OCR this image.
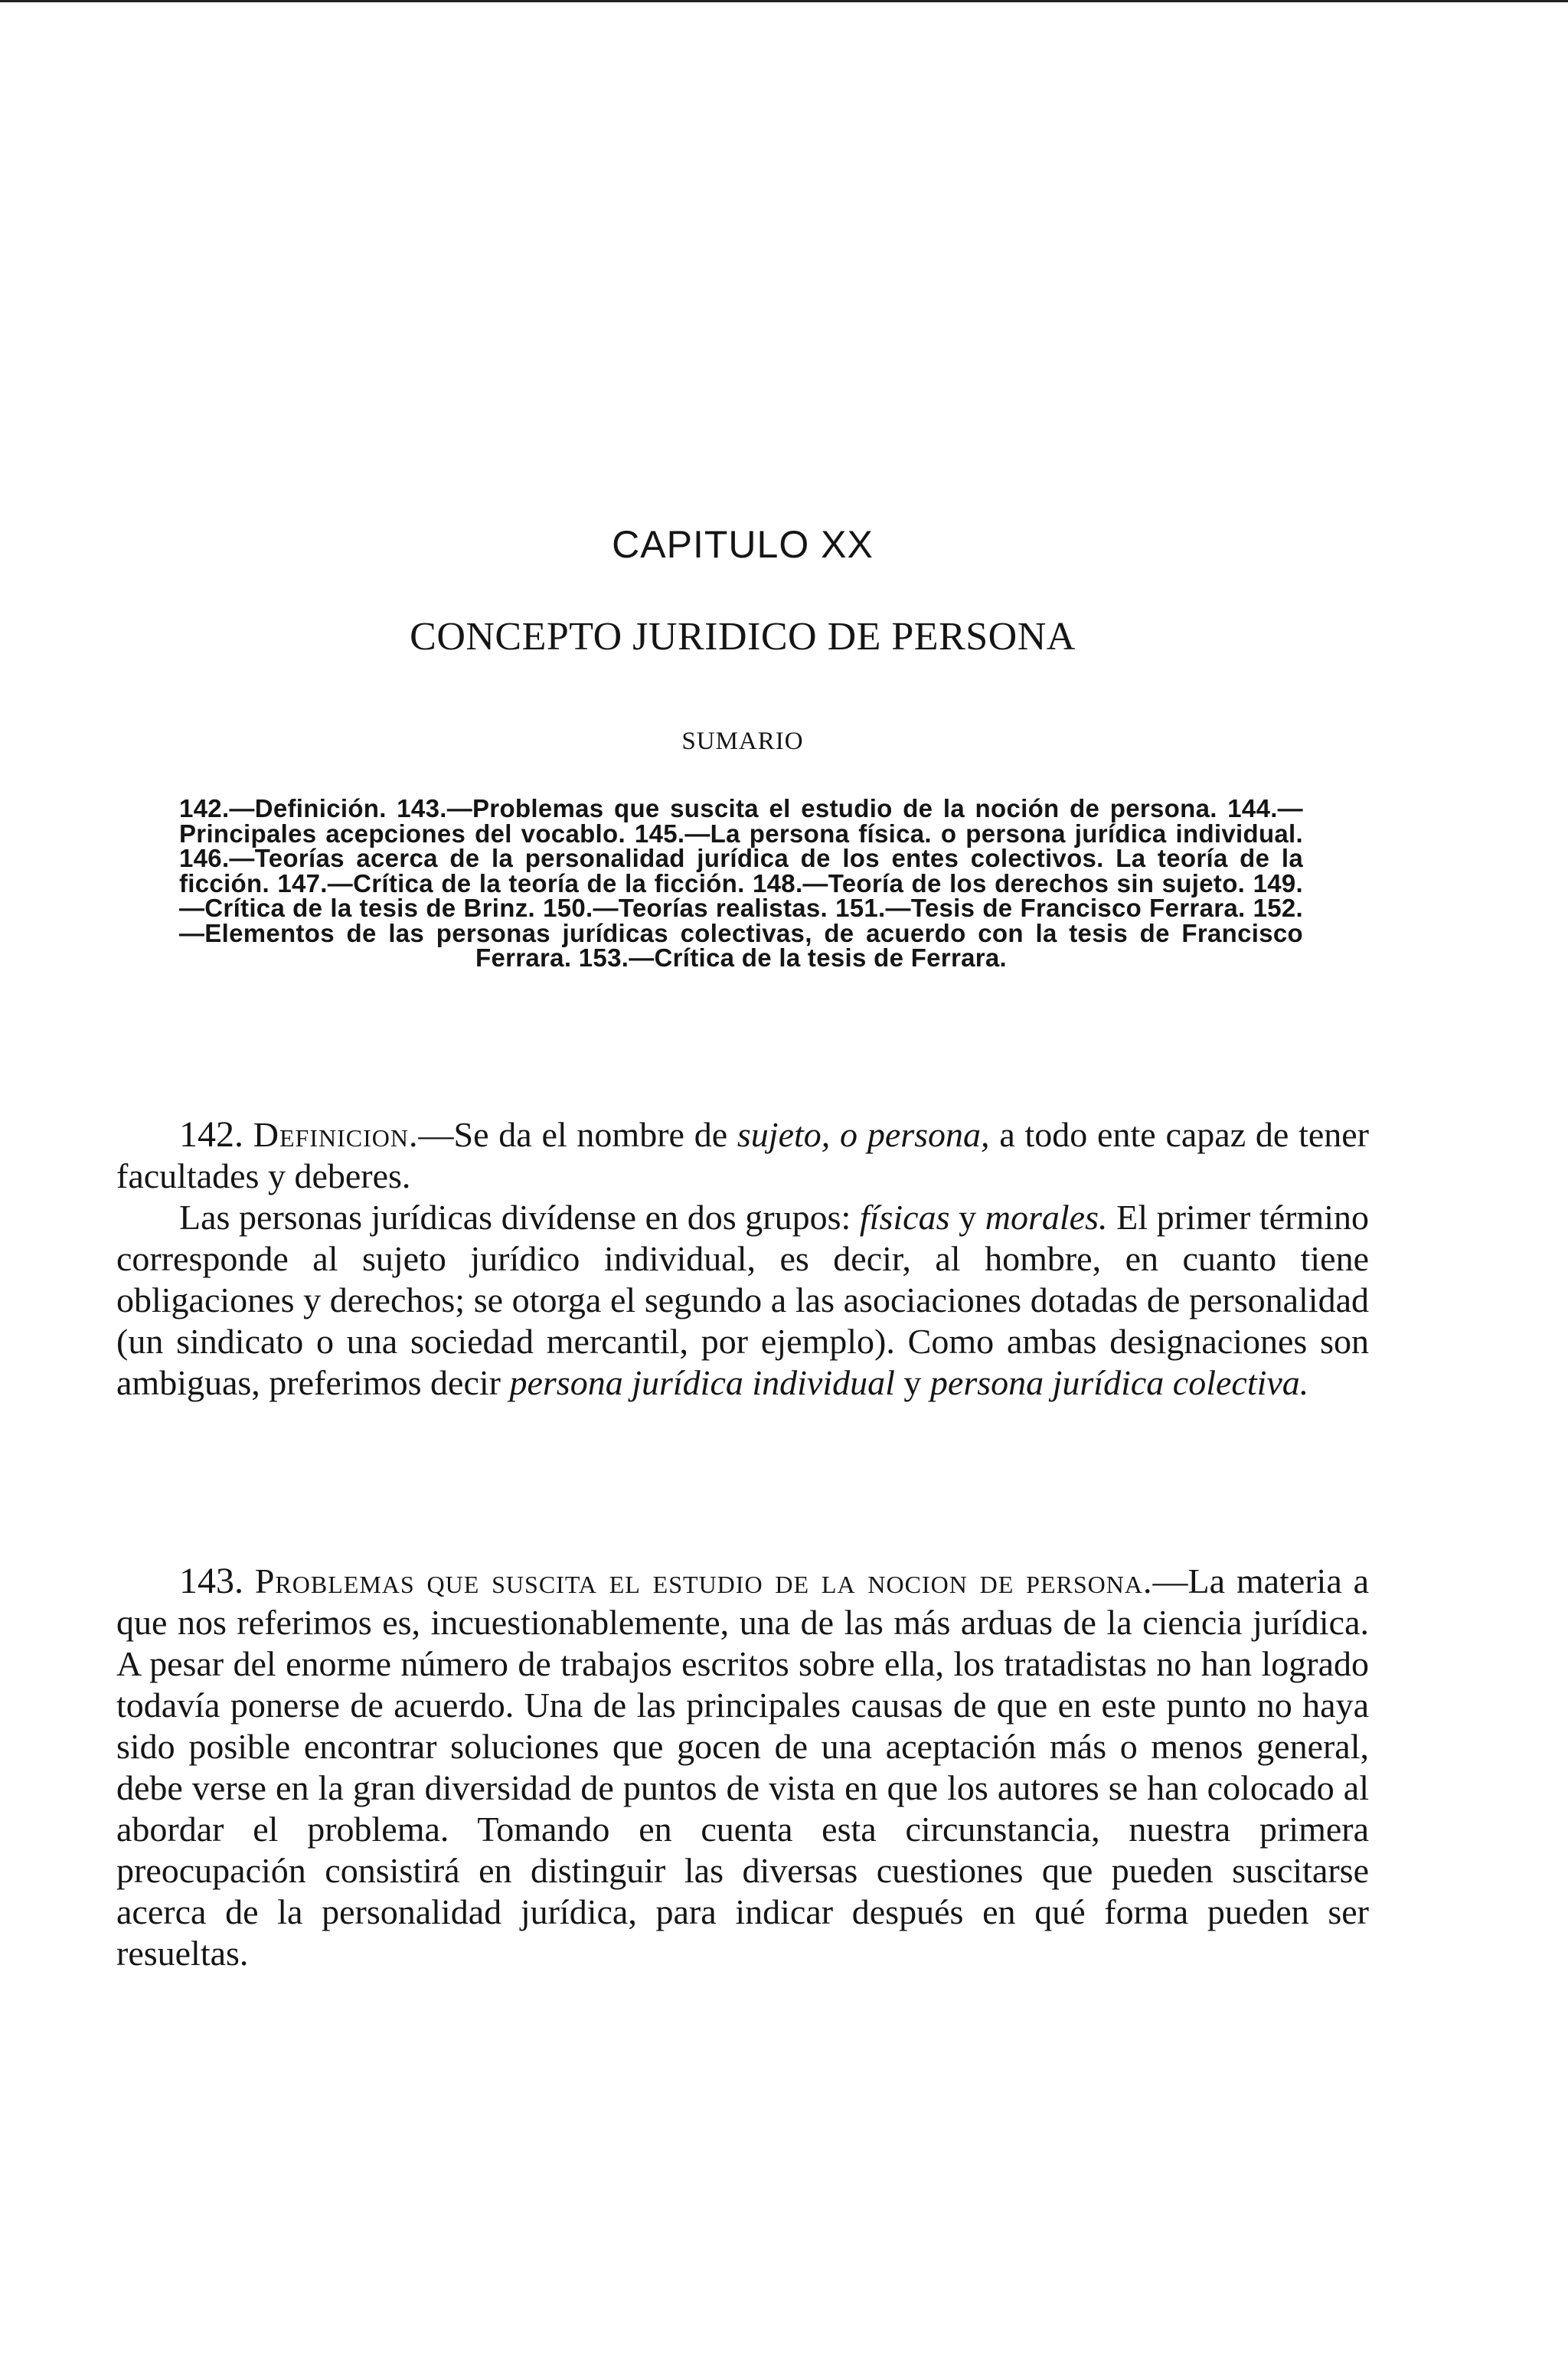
CAPITULO XX
CONCEPTO JURIDICO DE PERSONA
SUMARIO
142.—Definición. 143.—Problemas que suscita el estudio de la noción de persona. 144.—Principales acepciones del vocablo. 145.—La persona física. o persona jurídica individual. 146.—Teorías acerca de la personalidad jurídica de los entes colectivos. La teoría de la ficción. 147.—Crítica de la teoría de la ficción. 148.—Teoría de los derechos sin sujeto. 149.—Crítica de la tesis de Brinz. 150.—Teorías realistas. 151.—Tesis de Francisco Ferrara. 152.—Elementos de las personas jurídicas colectivas, de acuerdo con la tesis de Francisco Ferrara. 153.—Crítica de la tesis de Ferrara.

142. Definicion.—Se da el nombre de sujeto, o persona, a todo ente capaz de tener facultades y deberes.

Las personas jurídicas divídense en dos grupos: físicas y morales. El primer término corresponde al sujeto jurídico individual, es decir, al hombre, en cuanto tiene obligaciones y derechos; se otorga el segundo a las asociaciones dotadas de personalidad (un sindicato o una sociedad mercantil, por ejemplo). Como ambas designaciones son ambiguas, preferimos decir persona jurídica individual y persona jurídica colectiva.

143. Problemas que suscita el estudio de la nocion de persona.—La materia a que nos referimos es, incuestionablemente, una de las más arduas de la ciencia jurídica. A pesar del enorme número de trabajos escritos sobre ella, los tratadistas no han logrado todavía ponerse de acuerdo. Una de las principales causas de que en este punto no haya sido posible encontrar soluciones que gocen de una aceptación más o menos general, debe verse en la gran diversidad de puntos de vista en que los autores se han colocado al abordar el problema. Tomando en cuenta esta circunstancia, nuestra primera preocupación consistirá en distinguir las diversas cuestiones que pueden suscitarse acerca de la personalidad jurídica, para indicar después en qué forma pueden ser resueltas.
